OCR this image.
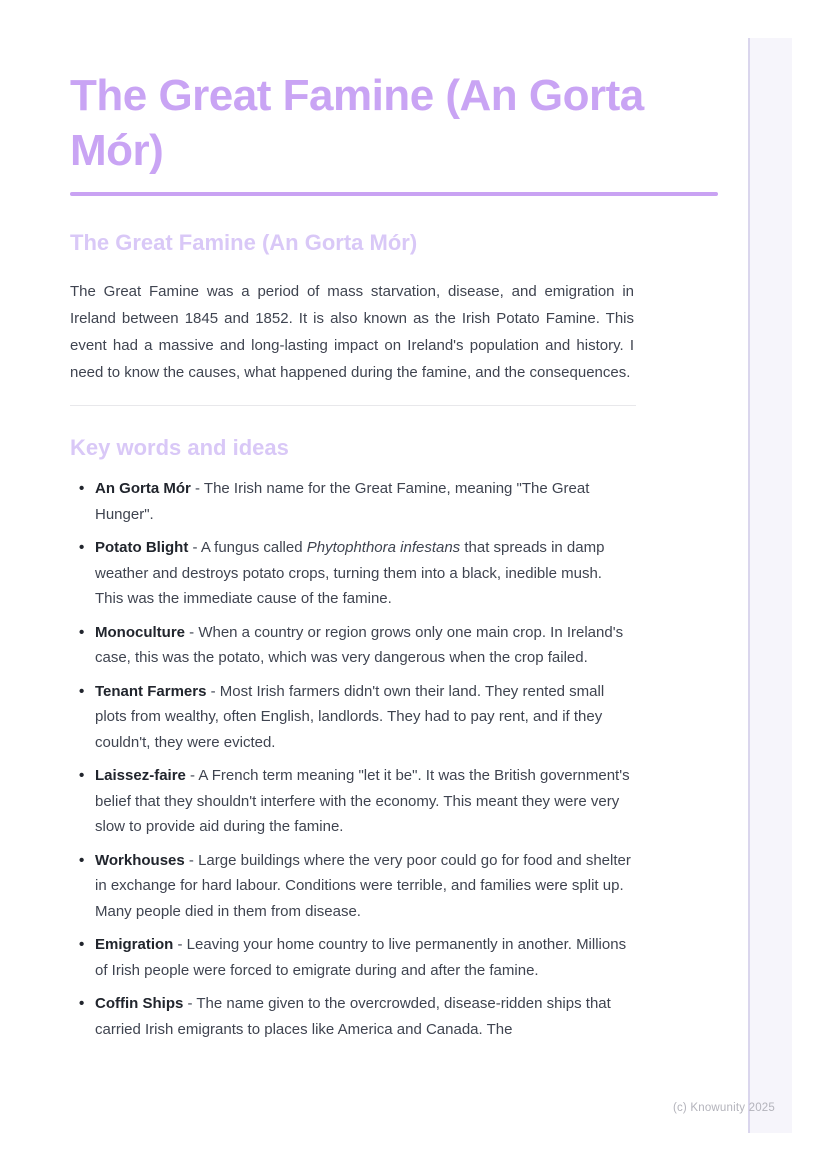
The Great Famine (An Gorta Mór)
The Great Famine (An Gorta Mór)

The Great Famine was a period of mass starvation, disease, and emigration in Ireland between 1845 and 1852. It is also known as the Irish Potato Famine. This event had a massive and long-lasting impact on Ireland's population and history. I need to know the causes, what happened during the famine, and the consequences.

Key words and ideas
• An Gorta Mór - The Irish name for the Great Famine, meaning "The Great Hunger".
• Potato Blight - A fungus called Phytophthora infestans that spreads in damp weather and destroys potato crops, turning them into a black, inedible mush. This was the immediate cause of the famine.
• Monoculture - When a country or region grows only one main crop. In Ireland's case, this was the potato, which was very dangerous when the crop failed.
• Tenant Farmers - Most Irish farmers didn't own their land. They rented small plots from wealthy, often English, landlords. They had to pay rent, and if they couldn't, they were evicted.
• Laissez-faire - A French term meaning "let it be". It was the British government's belief that they shouldn't interfere with the economy. This meant they were very slow to provide aid during the famine.
• Workhouses - Large buildings where the very poor could go for food and shelter in exchange for hard labour. Conditions were terrible, and families were split up. Many people died in them from disease.
• Emigration - Leaving your home country to live permanently in another. Millions of Irish people were forced to emigrate during and after the famine.
• Coffin Ships - The name given to the overcrowded, disease-ridden ships that carried Irish emigrants to places like America and Canada. The
(c) Knowunity 2025
